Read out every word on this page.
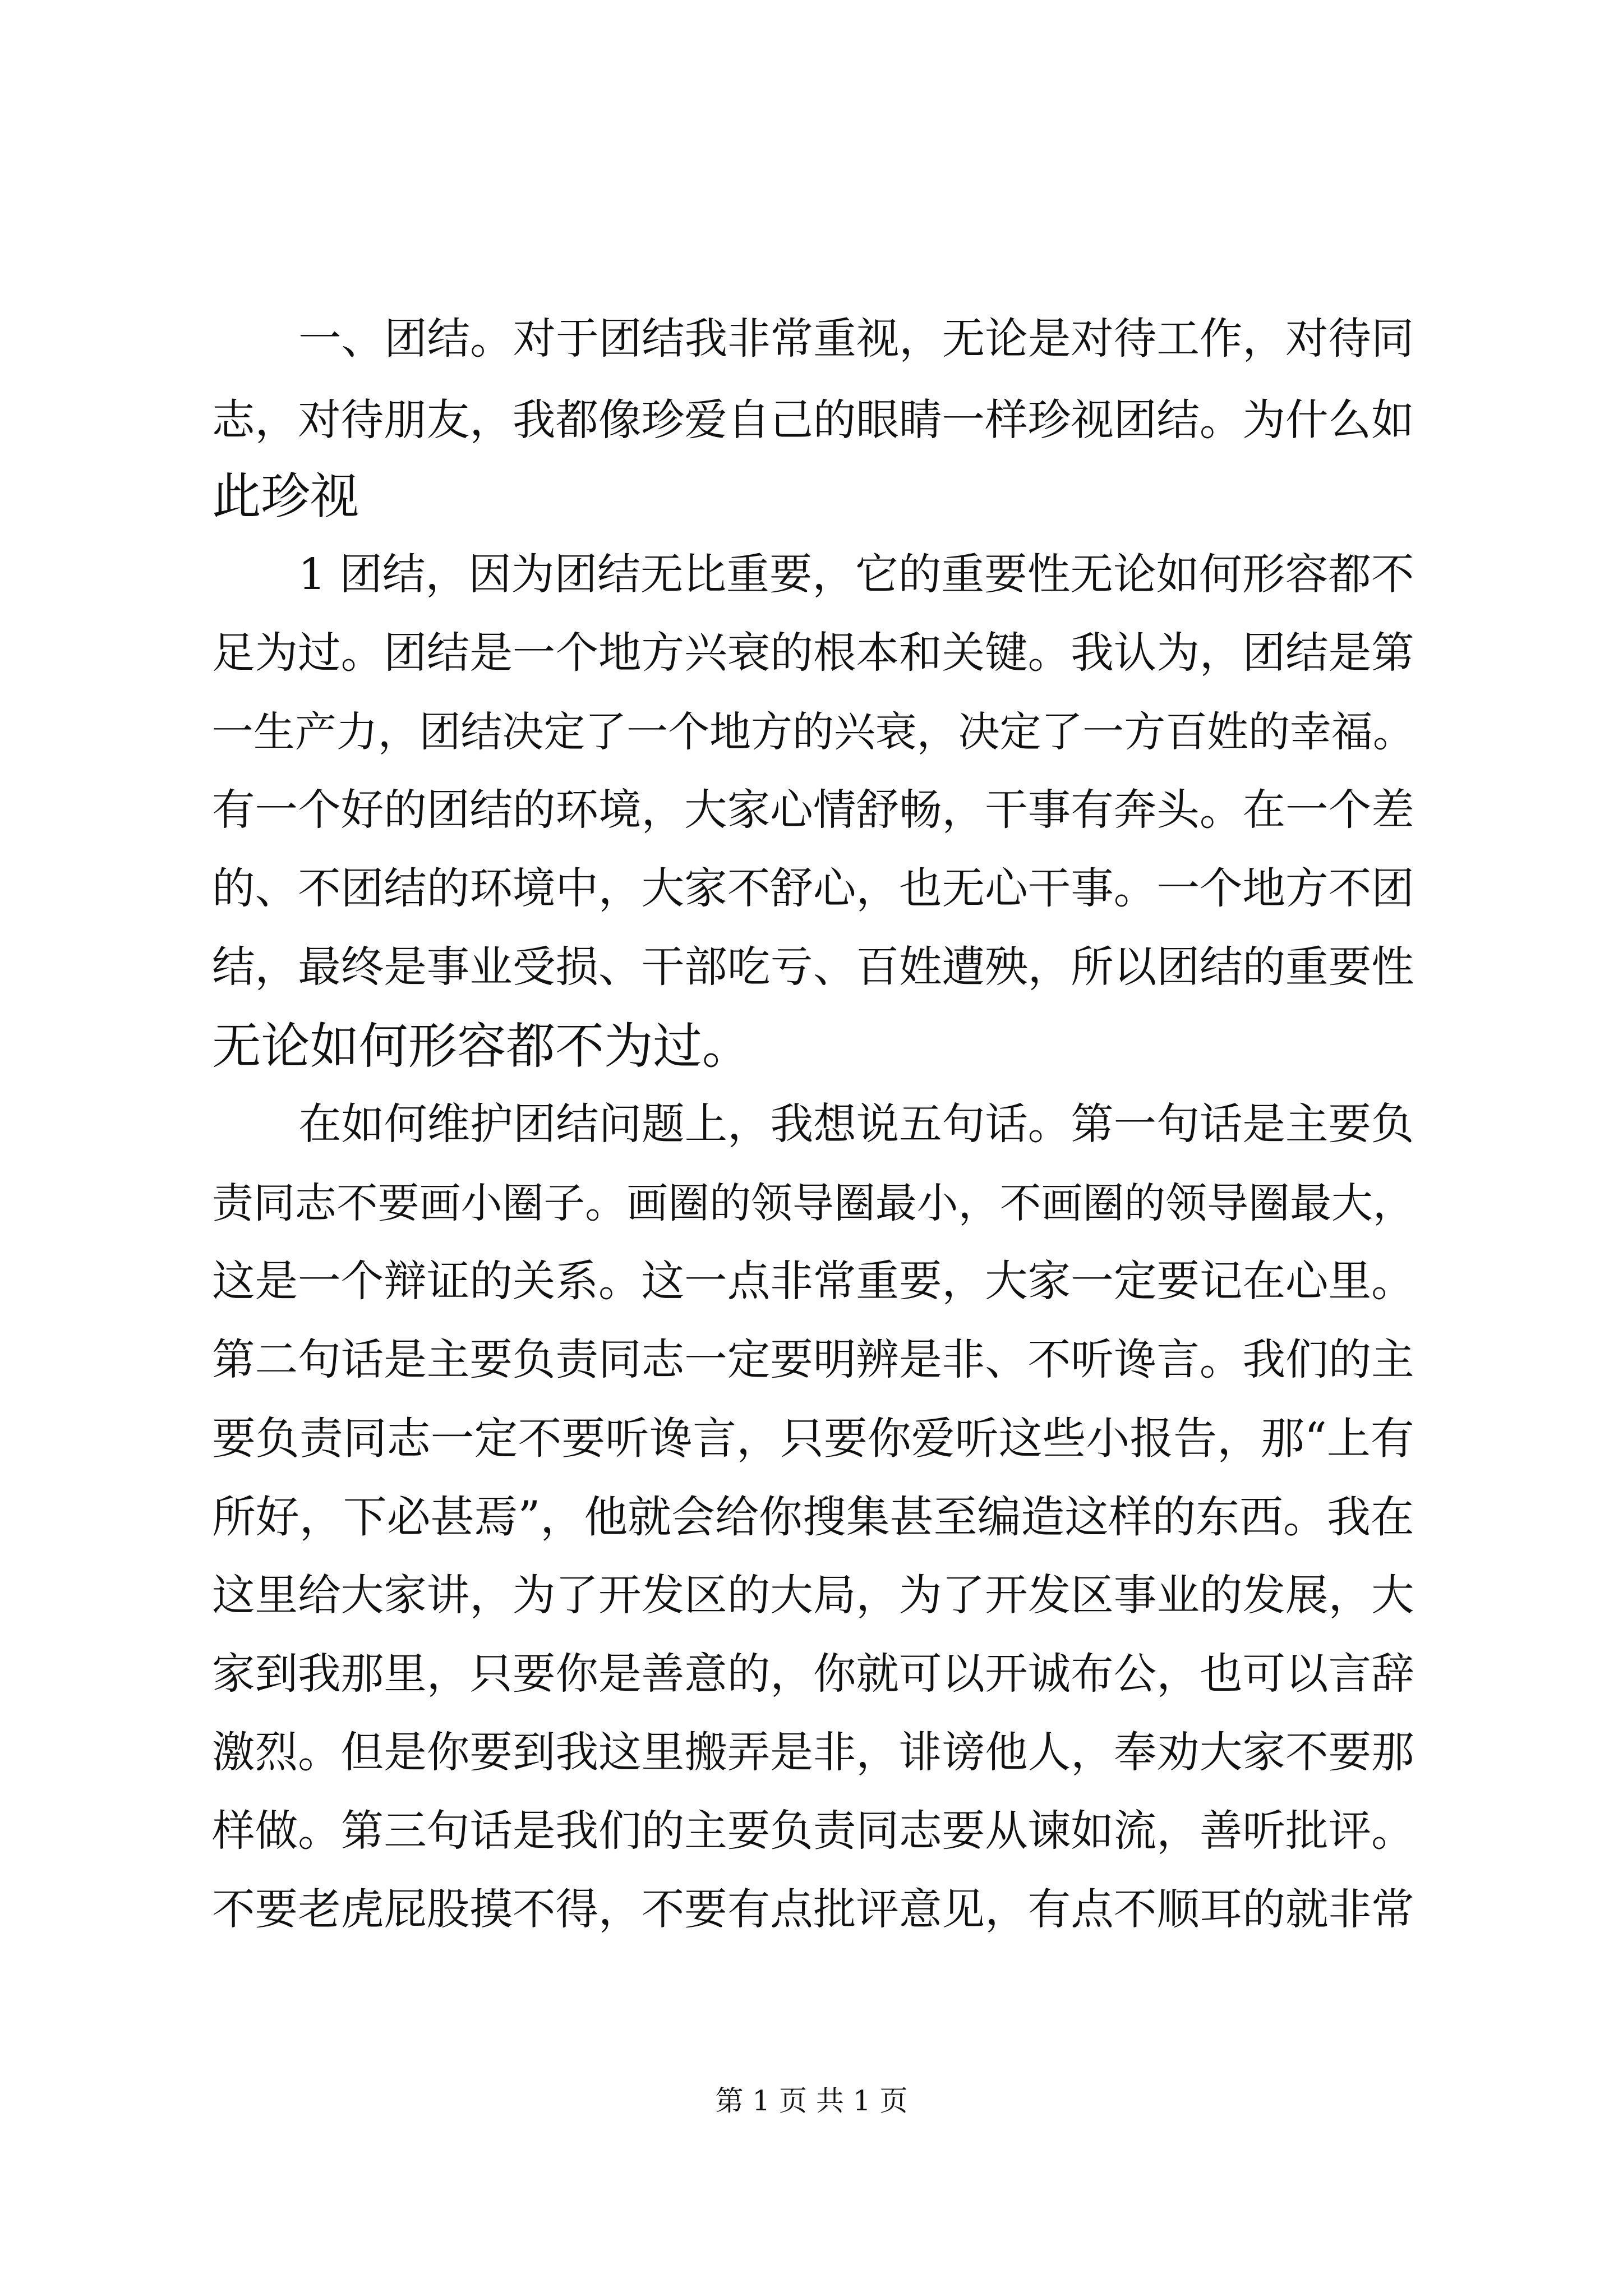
一、团结。对于团结我非常重视，无论是对待工作，对待同

志，对待朋友，我都像珍爱自己的眼睛一样珍视团结。为什么如

此珍视

1 团结，因为团结无比重要，它的重要性无论如何形容都不

足为过。团结是一个地方兴衰的根本和关键。我认为，团结是第

一生产力，团结决定了一个地方的兴衰，决定了一方百姓的幸福。

有一个好的团结的环境，大家心情舒畅，干事有奔头。在一个差

的、不团结的环境中，大家不舒心，也无心干事。一个地方不团

结，最终是事业受损、干部吃亏、百姓遭殃，所以团结的重要性

无论如何形容都不为过。

在如何维护团结问题上，我想说五句话。第一句话是主要负

责同志不要画小圈子。画圈的领导圈最小，不画圈的领导圈最大，

这是一个辩证的关系。这一点非常重要，大家一定要记在心里。

第二句话是主要负责同志一定要明辨是非、不听谗言。我们的主

要负责同志一定不要听谗言，只要你爱听这些小报告，那“上有

所好，下必甚焉”，他就会给你搜集甚至编造这样的东西。我在

这里给大家讲，为了开发区的大局，为了开发区事业的发展，大

家到我那里，只要你是善意的，你就可以开诚布公，也可以言辞

激烈。但是你要到我这里搬弄是非，诽谤他人，奉劝大家不要那

样做。第三句话是我们的主要负责同志要从谏如流，善听批评。

不要老虎屁股摸不得，不要有点批评意见，有点不顺耳的就非常

第 1 页 共 1 页
